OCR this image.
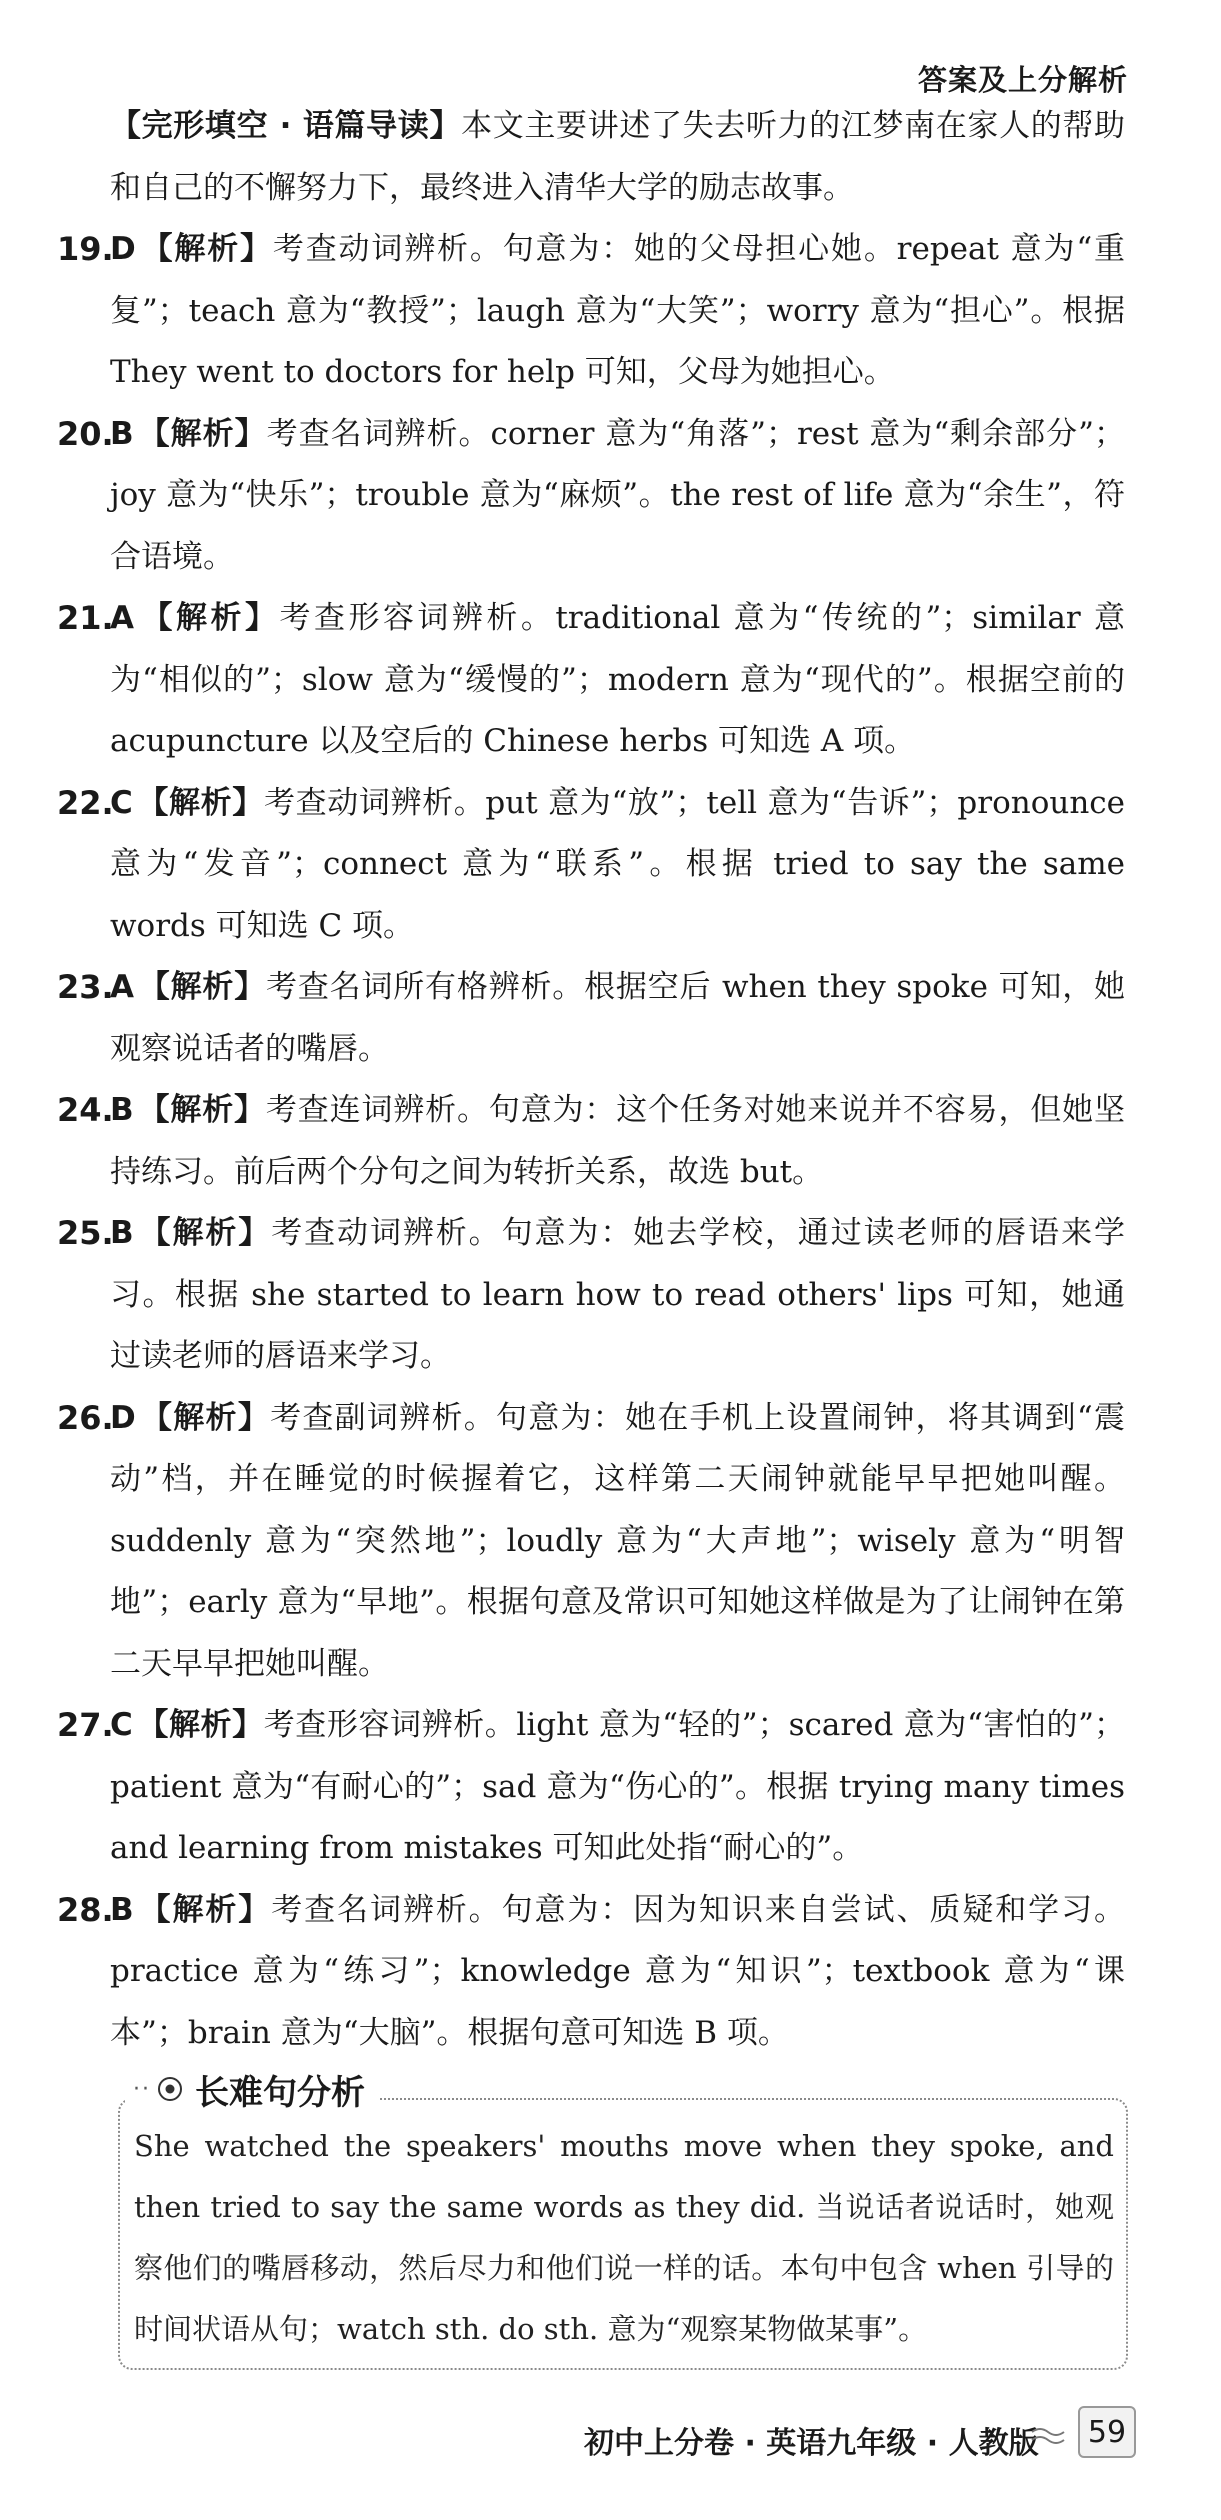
答案及上分解析

【完形填空 · 语篇导读】本文主要讲述了失去听力的江梦南在家人的帮助和自己的不懈努力下，最终进入清华大学的励志故事。

19.

D 【解析】考查动词辨析。句意为：她的父母担心她。repeat 意为“重复”；teach 意为“教授”；laugh 意为“大笑”；worry 意为“担心”。根据 They went to doctors for help 可知，父母为她担心。

20.

B 【解析】考查名词辨析。corner 意为“角落”；rest 意为“剩余部分”；joy 意为“快乐”；trouble 意为“麻烦”。the rest of life 意为“余生”，符合语境。

21.

A 【解析】考查形容词辨析。traditional 意为“传统的”；similar 意为“相似的”；slow 意为“缓慢的”；modern 意为“现代的”。根据空前的 acupuncture 以及空后的 Chinese herbs 可知选 A 项。

22.

C 【解析】考查动词辨析。put 意为“放”；tell 意为“告诉”；pronounce 意为“发音”；connect 意为“联系”。根据 tried to say the same words 可知选 C 项。

23.

A 【解析】考查名词所有格辨析。根据空后 when they spoke 可知，她观察说话者的嘴唇。

24.

B 【解析】考查连词辨析。句意为：这个任务对她来说并不容易，但她坚持练习。前后两个分句之间为转折关系，故选 but。

25.

B 【解析】考查动词辨析。句意为：她去学校，通过读老师的唇语来学习。根据 she started to learn how to read others' lips 可知，她通过读老师的唇语来学习。

26.

D 【解析】考查副词辨析。句意为：她在手机上设置闹钟，将其调到“震动”档，并在睡觉的时候握着它，这样第二天闹钟就能早早把她叫醒。suddenly 意为“突然地”；loudly 意为“大声地”；wisely 意为“明智地”；early 意为“早地”。根据句意及常识可知她这样做是为了让闹钟在第二天早早把她叫醒。

27.

C 【解析】考查形容词辨析。light 意为“轻的”；scared 意为“害怕的”；patient 意为“有耐心的”；sad 意为“伤心的”。根据 trying many times and learning from mistakes 可知此处指“耐心的”。

28.

B 【解析】考查名词辨析。句意为：因为知识来自尝试、质疑和学习。practice 意为“练习”；knowledge 意为“知识”；textbook 意为“课本”；brain 意为“大脑”。根据句意可知选 B 项。

·· 长难句分析
She watched the speakers' mouths move when they spoke, and then tried to say the same words as they did. 当说话者说话时，她观察他们的嘴唇移动，然后尽力和他们说一样的话。本句中包含 when 引导的时间状语从句；watch sth. do sth. 意为“观察某物做某事”。
初中上分卷 · 英语九年级 · 人教版	59
